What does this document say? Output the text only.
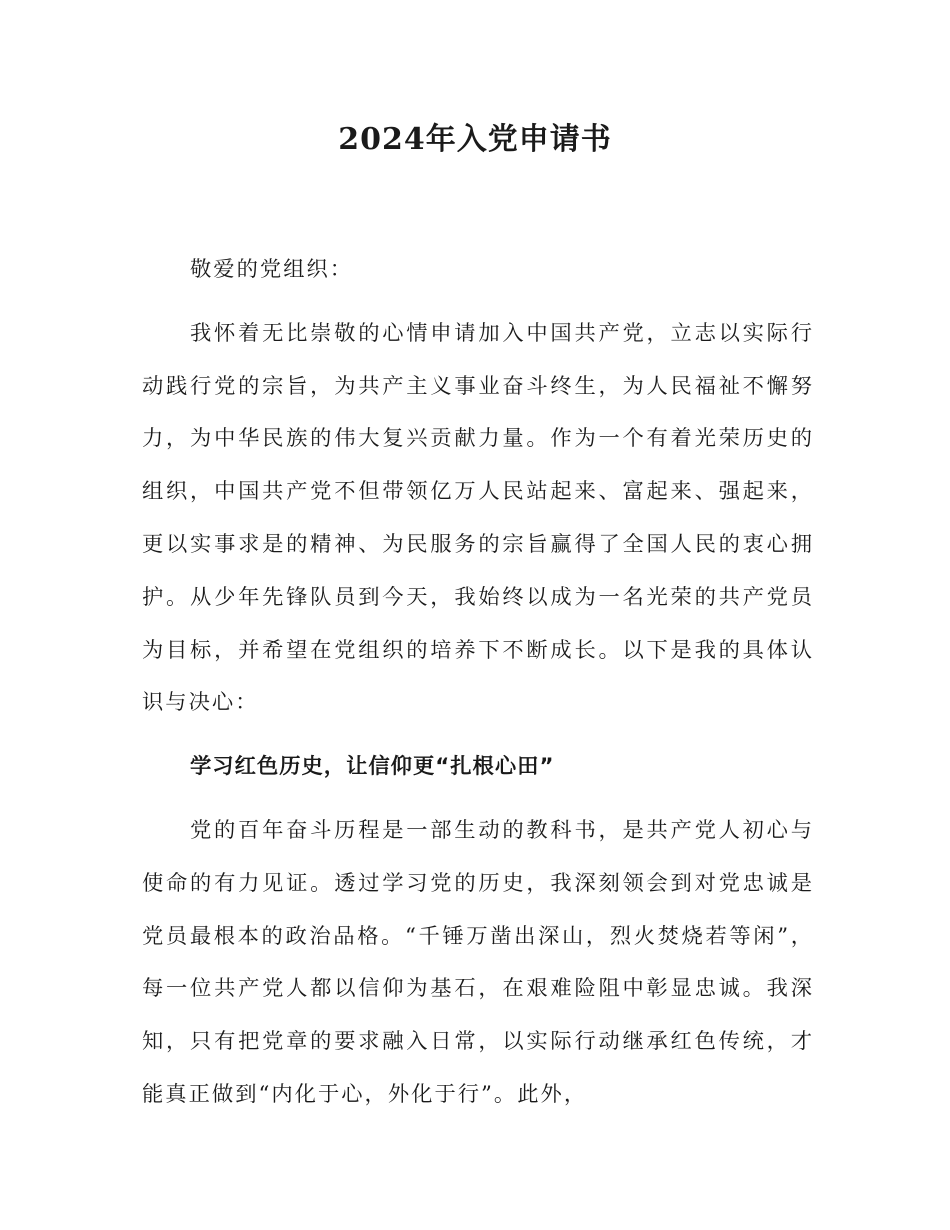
2024年入党申请书

敬爱的党组织：

我怀着无比崇敬的心情申请加入中国共产党，立志以实际行动践行党的宗旨，为共产主义事业奋斗终生，为人民福祉不懈努力，为中华民族的伟大复兴贡献力量。作为一个有着光荣历史的组织，中国共产党不但带领亿万人民站起来、富起来、强起来，更以实事求是的精神、为民服务的宗旨赢得了全国人民的衷心拥护。从少年先锋队员到今天，我始终以成为一名光荣的共产党员为目标，并希望在党组织的培养下不断成长。以下是我的具体认识与决心：

学习红色历史，让信仰更“扎根心田”

党的百年奋斗历程是一部生动的教科书，是共产党人初心与使命的有力见证。透过学习党的历史，我深刻领会到对党忠诚是党员最根本的政治品格。“千锤万凿出深山，烈火焚烧若等闲”，每一位共产党人都以信仰为基石，在艰难险阻中彰显忠诚。我深知，只有把党章的要求融入日常，以实际行动继承红色传统，才能真正做到“内化于心，外化于行”。此外，
